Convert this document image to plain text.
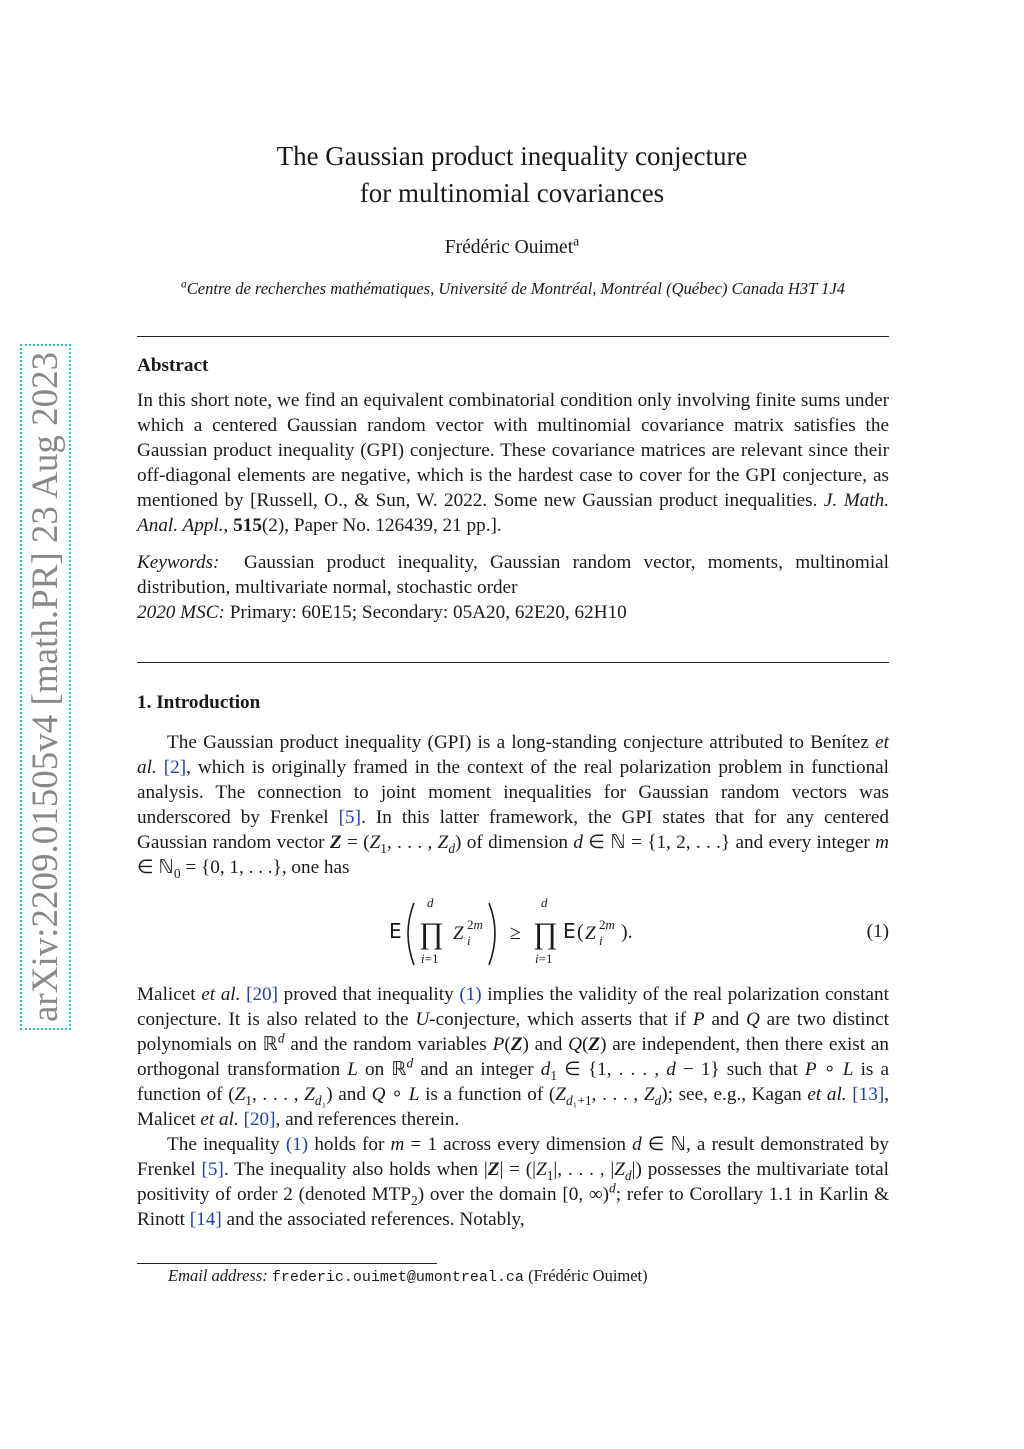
arXiv:2209.01505v4 [math.PR] 23 Aug 2023
The Gaussian product inequality conjecture
for multinomial covariances
Frédéric Ouimet$^a$
$^a$Centre de recherches mathématiques, Université de Montréal, Montréal (Québec) Canada H3T 1J4
Abstract
In this short note, we find an equivalent combinatorial condition only involving finite sums under which a centered Gaussian random vector with multinomial covariance matrix satisfies the Gaussian product inequality (GPI) conjecture. These covariance matrices are relevant since their off-diagonal elements are negative, which is the hardest case to cover for the GPI conjecture, as mentioned by [Russell, O., & Sun, W. 2022. Some new Gaussian product inequalities. J. Math. Anal. Appl., 515(2), Paper No. 126439, 21 pp.].
Keywords: Gaussian product inequality, Gaussian random vector, moments, multinomial distribution, multivariate normal, stochastic order
2020 MSC: Primary: 60E15; Secondary: 05A20, 62E20, 62H10
1. Introduction
The Gaussian product inequality (GPI) is a long-standing conjecture attributed to Benítez et al. [2], which is originally framed in the context of the real polarization problem in functional analysis. The connection to joint moment inequalities for Gaussian random vectors was underscored by Frenkel [5]. In this latter framework, the GPI states that for any centered Gaussian random vector $Z = (Z_1$, . . . , $Z_d$) of dimension d ∈ ℕ = {1, 2, . . .} and every integer m ∈ ℕ$_0$ = {0, 1, . . .}, one has
E
d
∏
i=1
Z 2m
i ≥
d
∏
i=1
E ( Z 2m
i ).	(1)
Malicet et al. [20] proved that inequality (1) implies the validity of the real polarization constant conjecture. It is also related to the U-conjecture, which asserts that if P and Q are two distinct polynomials on ℝ$^d$ and the random variables P(Z) and Q(Z) are independent, then there exist an orthogonal transformation L on ℝ$^d$ and an integer $d_1$ ∈ {1, . . . , d − 1} such that P ∘ L is a function of ($Z_1$, . . . , $Z_{d_1}$) and Q ∘ L is a function of ($Z_{d_1+1}$, . . . , $Z_d$); see, e.g., Kagan et al. [13], Malicet et al. [20], and references therein.
The inequality (1) holds for m = 1 across every dimension d ∈ ℕ, a result demonstrated by Frenkel [5]. The inequality also holds when $|Z| = (|Z_1|$, . . . , $|Z_d|$) possesses the multivariate total positivity of order 2 (denoted $MTP_2$) over the domain [0, ∞)$^d$; refer to Corollary 1.1 in Karlin & Rinott [14] and the associated references. Notably,
Email address: frederic.ouimet@umontreal.ca (Frédéric Ouimet)
